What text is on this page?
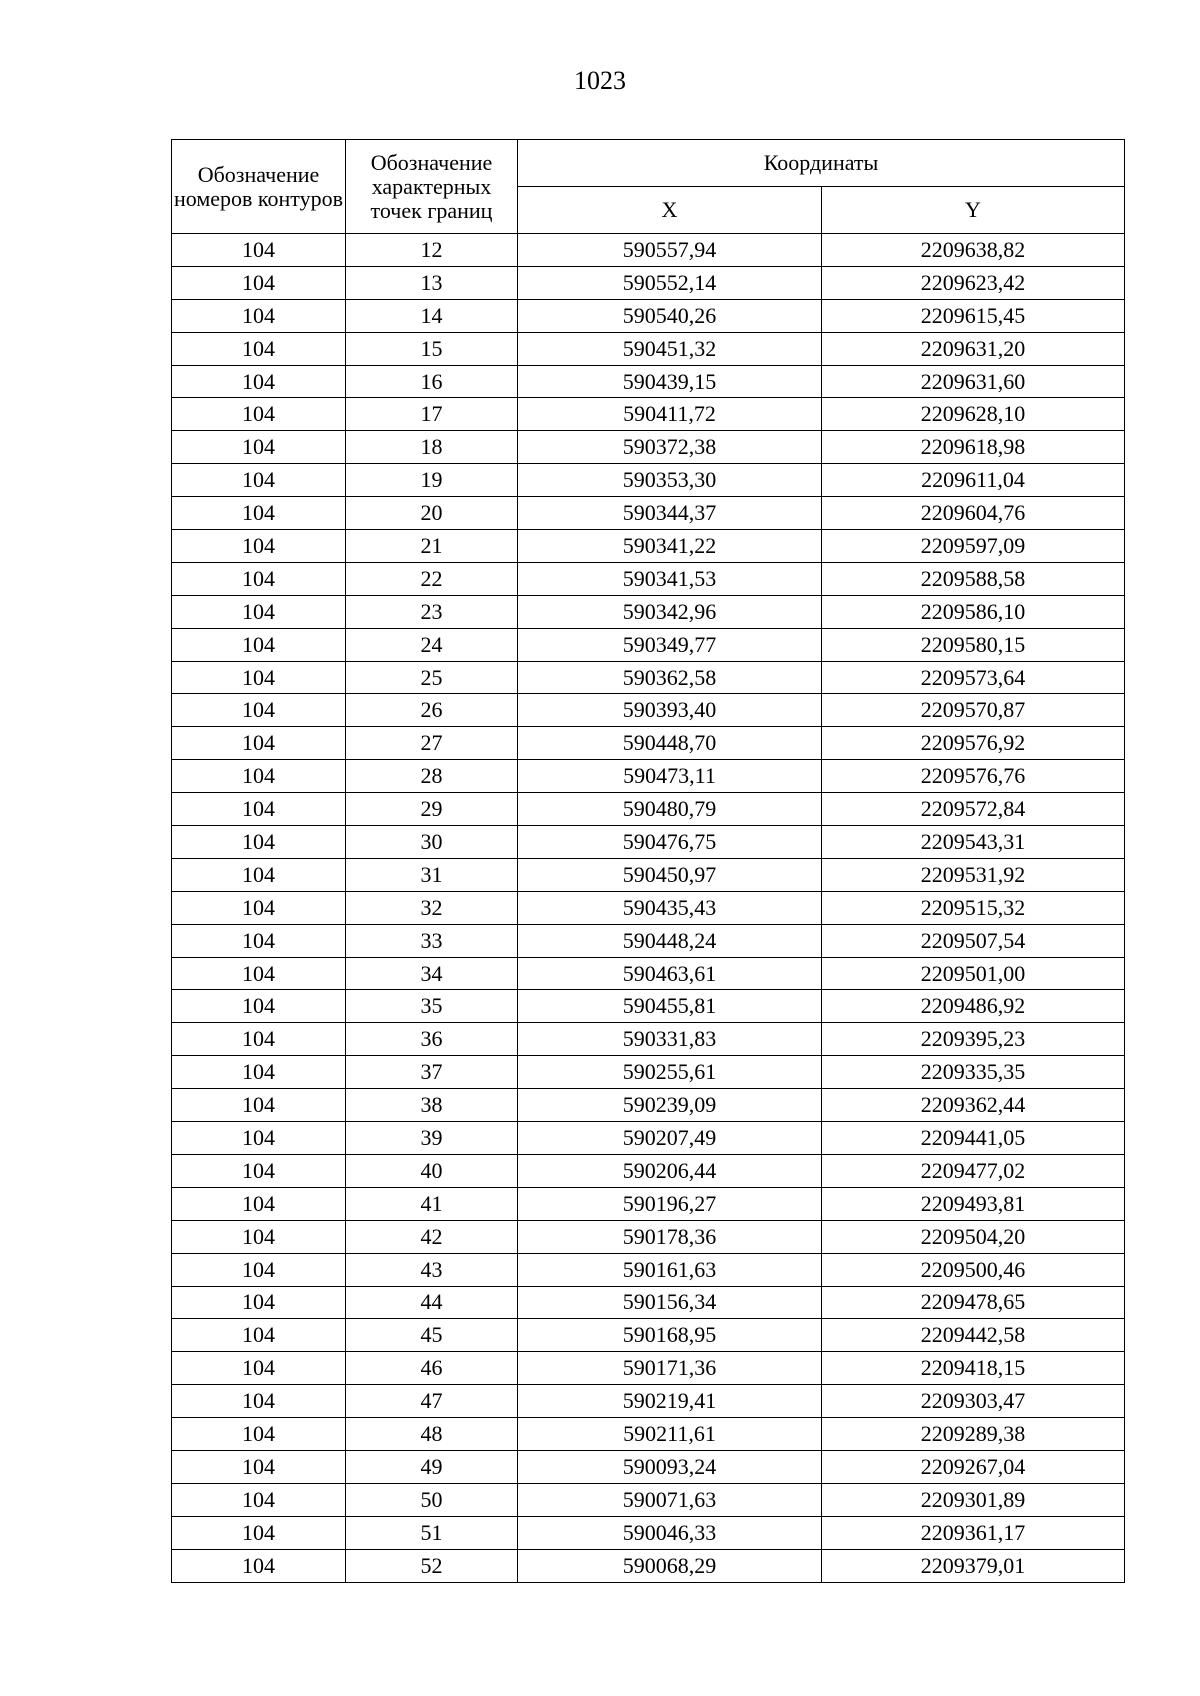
1023
Обозначение номеров контуров	Обозначение характерных точек границ	Координаты	
		X	Y
104	12	590557,94	2209638,82
104	13	590552,14	2209623,42
104	14	590540,26	2209615,45
104	15	590451,32	2209631,20
104	16	590439,15	2209631,60
104	17	590411,72	2209628,10
104	18	590372,38	2209618,98
104	19	590353,30	2209611,04
104	20	590344,37	2209604,76
104	21	590341,22	2209597,09
104	22	590341,53	2209588,58
104	23	590342,96	2209586,10
104	24	590349,77	2209580,15
104	25	590362,58	2209573,64
104	26	590393,40	2209570,87
104	27	590448,70	2209576,92
104	28	590473,11	2209576,76
104	29	590480,79	2209572,84
104	30	590476,75	2209543,31
104	31	590450,97	2209531,92
104	32	590435,43	2209515,32
104	33	590448,24	2209507,54
104	34	590463,61	2209501,00
104	35	590455,81	2209486,92
104	36	590331,83	2209395,23
104	37	590255,61	2209335,35
104	38	590239,09	2209362,44
104	39	590207,49	2209441,05
104	40	590206,44	2209477,02
104	41	590196,27	2209493,81
104	42	590178,36	2209504,20
104	43	590161,63	2209500,46
104	44	590156,34	2209478,65
104	45	590168,95	2209442,58
104	46	590171,36	2209418,15
104	47	590219,41	2209303,47
104	48	590211,61	2209289,38
104	49	590093,24	2209267,04
104	50	590071,63	2209301,89
104	51	590046,33	2209361,17
104	52	590068,29	2209379,01
